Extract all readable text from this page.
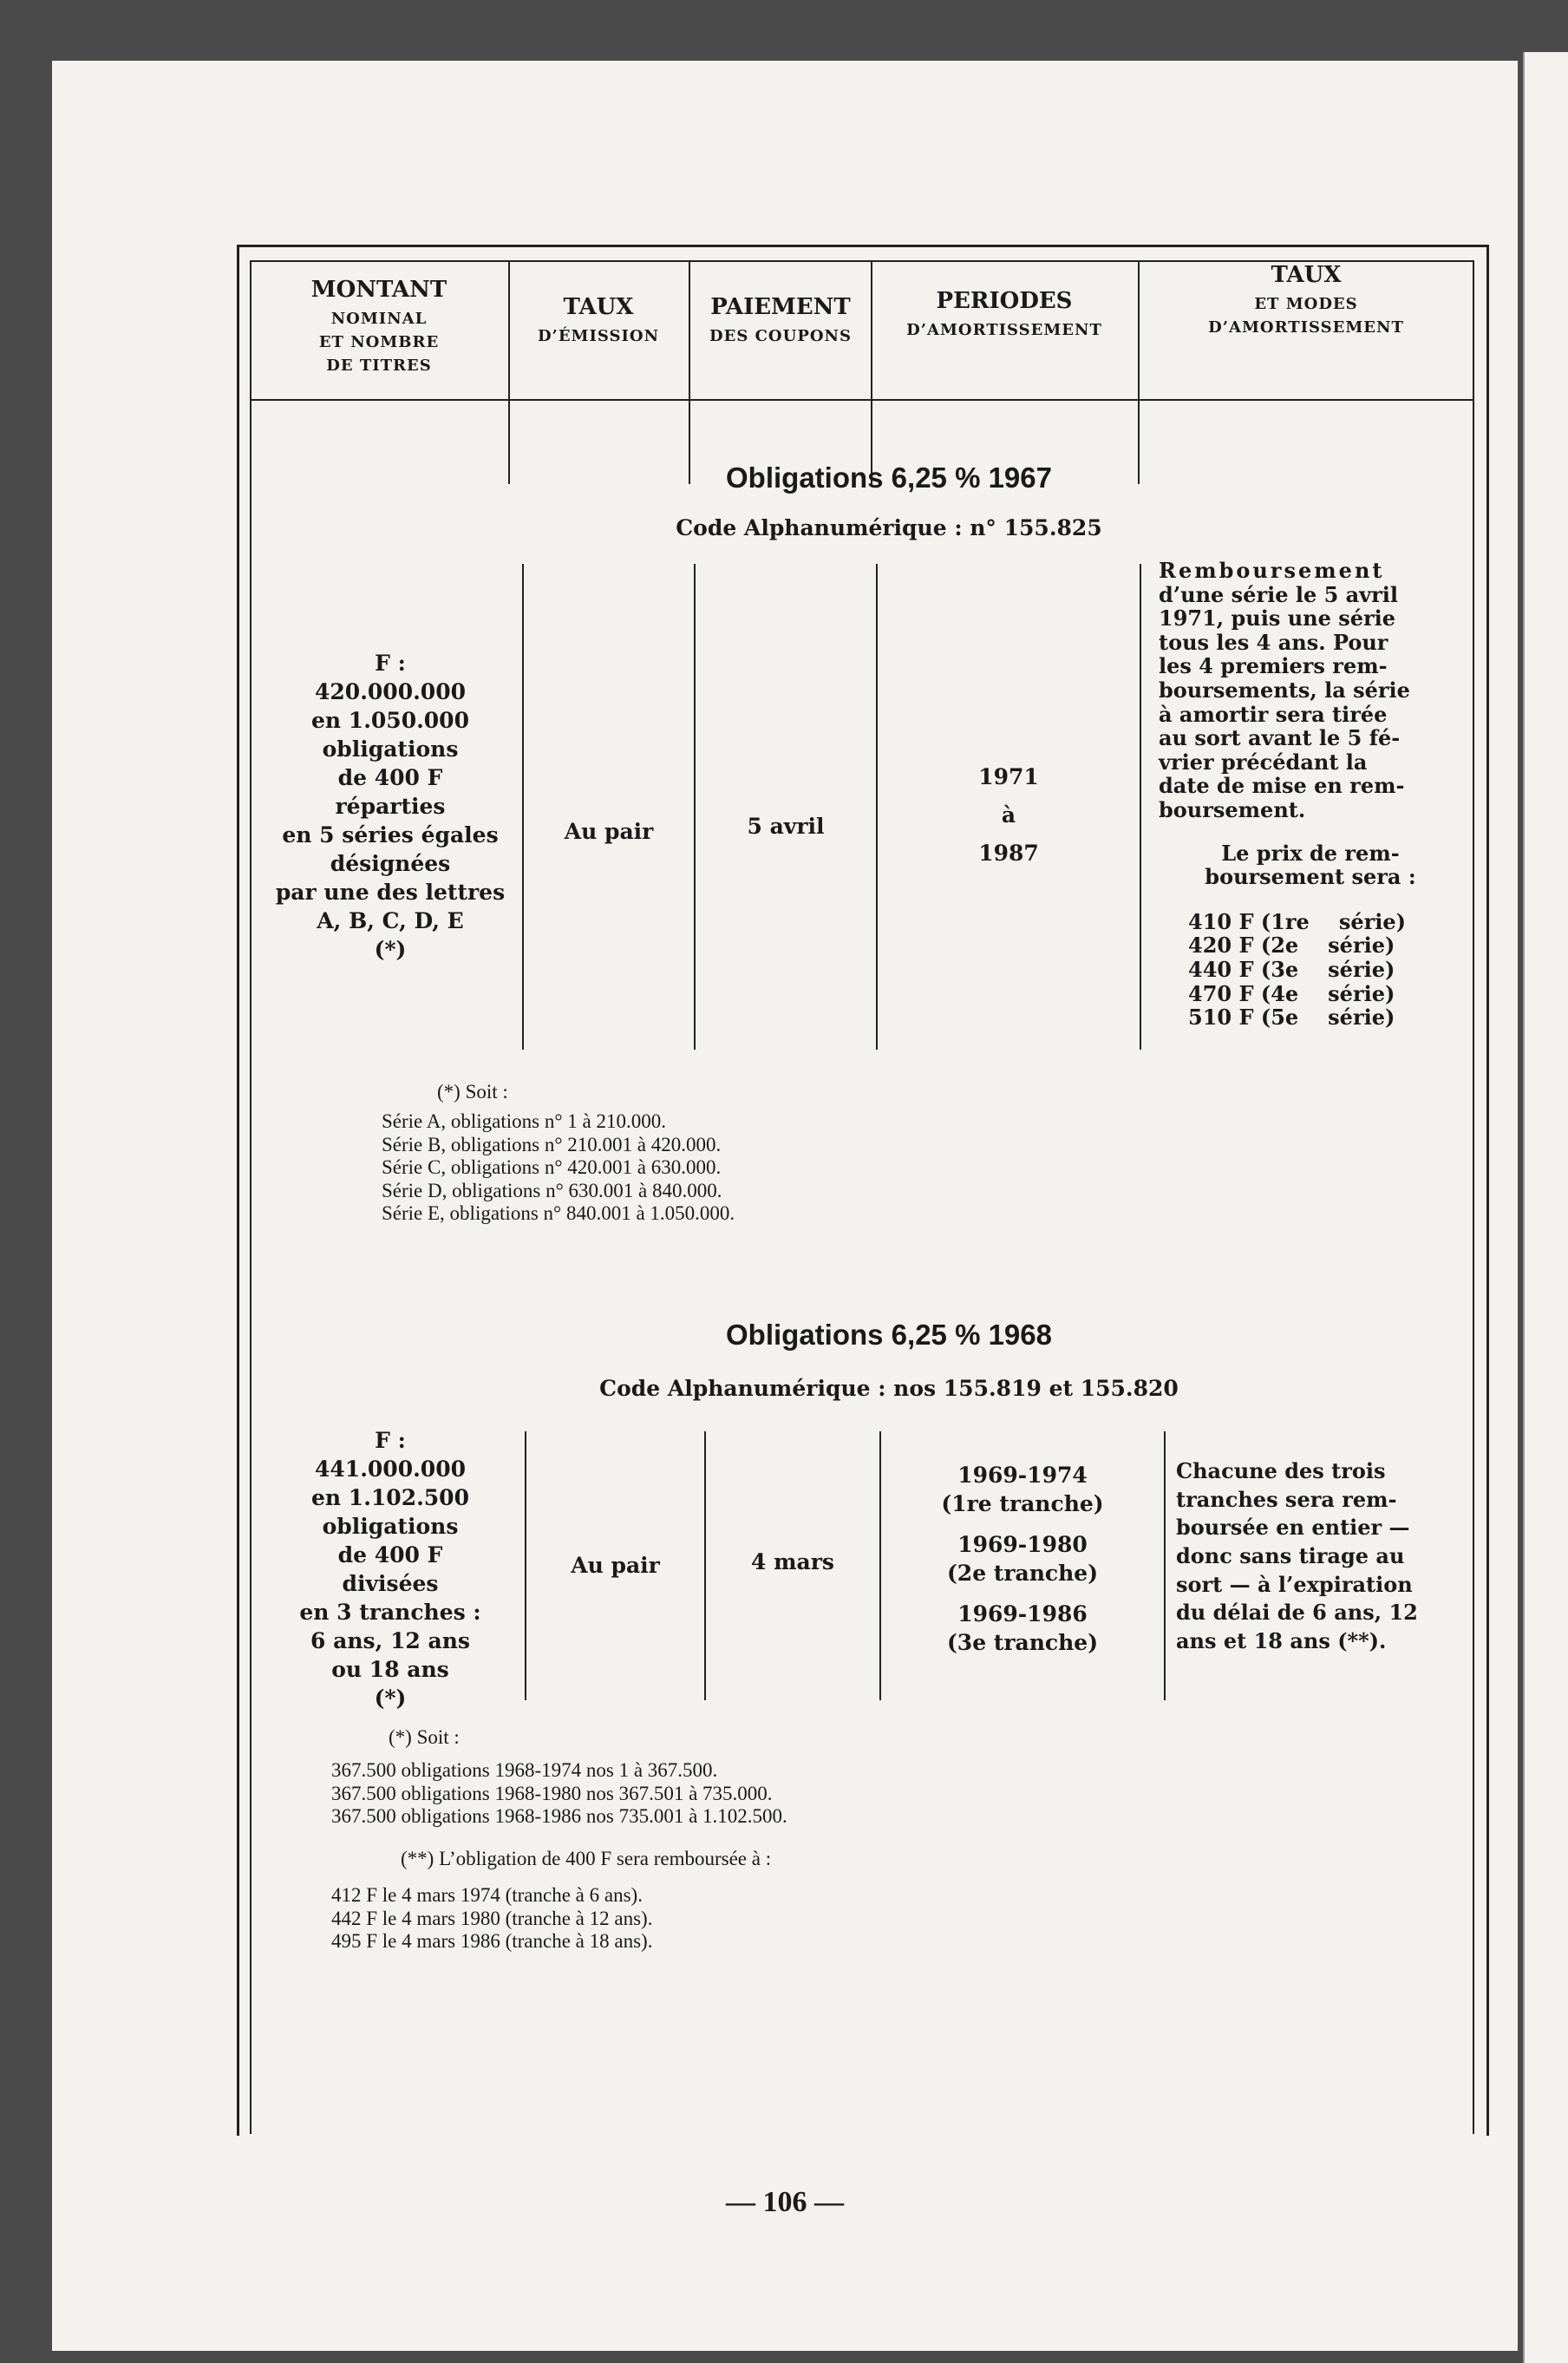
MONTANT
NOMINAL
ET NOMBRE
DE TITRES
TAUX
D’ÉMISSION
PAIEMENT
DES COUPONS
PERIODES
D’AMORTISSEMENT
TAUX
ET MODES
D’AMORTISSEMENT
Obligations 6,25 % 1967
Code Alphanumérique : n° 155.825
F :
420.000.000
en 1.050.000
obligations
de 400 F
réparties
en 5 séries égales
désignées
par une des lettres
A, B, C, D, E
(*)
Au pair	5 avril
1971
à
1987
Remboursement
d’une série le 5 avril
1971, puis une série
tous les 4 ans. Pour
les 4 premiers rem-
boursements, la série
à amortir sera tirée
au sort avant le 5 fé-
vrier précédant la
date de mise en rem-
boursement.
Le prix de rem-
boursement sera :
410 F (1re série)
420 F (2e série)
440 F (3e série)
470 F (4e série)
510 F (5e série)
(*) Soit :
Série A, obligations n° 1 à 210.000.
Série B, obligations n° 210.001 à 420.000.
Série C, obligations n° 420.001 à 630.000.
Série D, obligations n° 630.001 à 840.000.
Série E, obligations n° 840.001 à 1.050.000.
Obligations 6,25 % 1968
Code Alphanumérique : nos 155.819 et 155.820
F :
441.000.000
en 1.102.500
obligations
de 400 F
divisées
en 3 tranches :
6 ans, 12 ans
ou 18 ans
(*)
Au pair	4 mars
1969-1974
(1re tranche)
1969-1980
(2e tranche)
1969-1986
(3e tranche)
Chacune des trois
tranches sera rem-
boursée en entier —
donc sans tirage au
sort — à l’expiration
du délai de 6 ans, 12
ans et 18 ans (**).
(*) Soit :
367.500 obligations 1968-1974 nos 1 à 367.500.
367.500 obligations 1968-1980 nos 367.501 à 735.000.
367.500 obligations 1968-1986 nos 735.001 à 1.102.500.
(**) L’obligation de 400 F sera remboursée à :
412 F le 4 mars 1974 (tranche à 6 ans).
442 F le 4 mars 1980 (tranche à 12 ans).
495 F le 4 mars 1986 (tranche à 18 ans).
— 106 —
